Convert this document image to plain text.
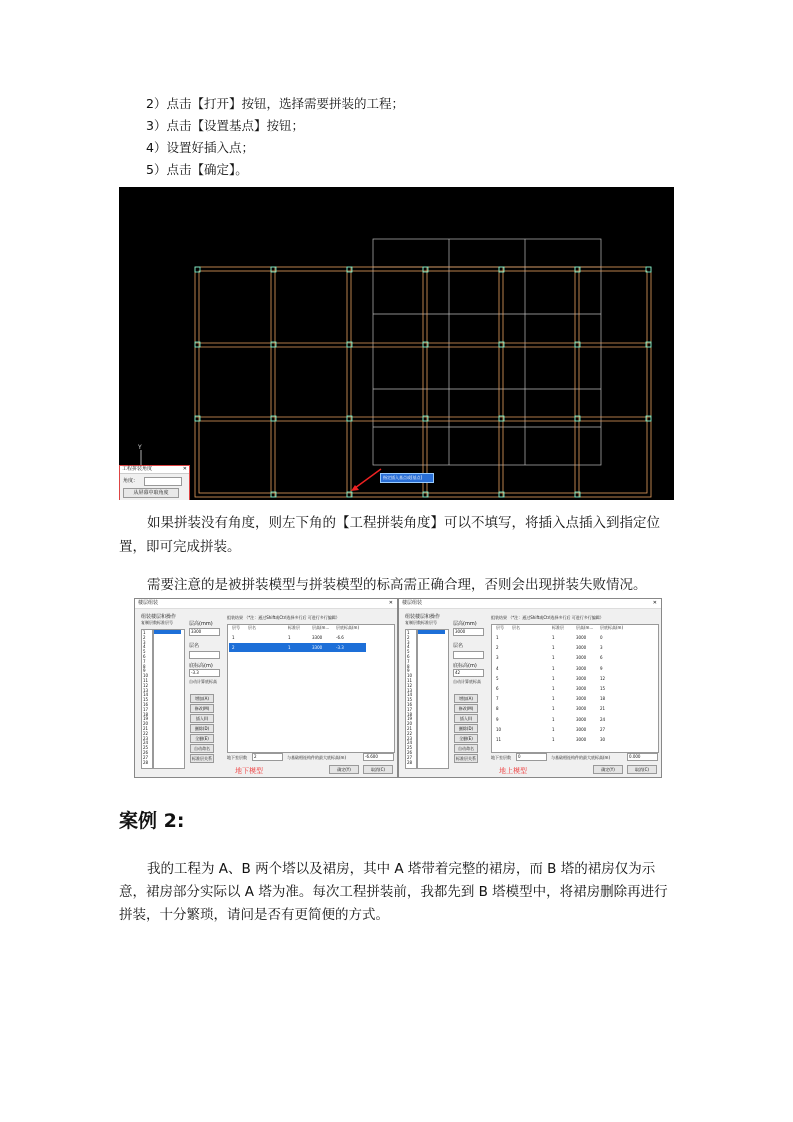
2）点击【打开】按钮，选择需要拼装的工程；
3）点击【设置基点】按钮；
4）设置好插入点；
5）点击【确定】。
Y
指定插入基点或[基点]
工程拼装角度	✕
角度：
从屏幕中取角度
如果拼装没有角度，则左下角的【工程拼装角度】可以不填写，将插入点插入到指定位置，即可完成拼装。
需要注意的是被拼装模型与拼装模型的标高需正确合理，否则会出现拼装失败情况。
楼层组装	✕
组装楼层和操作
复制层数 标准层号
1
2
3
4
5
6
7
8
9
10
11
12
13
14
15
16
17
18
19
20
21
22
23
24
25
26
27
28
层高(mm)
3300
层名
底标高(m)
-3.3
自动计算底标高
增加(A)
修改(M)
插入(I)
删除(D)
全删(E)
自动命名
标准层关系
组装结果 （*注：通过Shift或Ctrl选择多行后 可进行多行编辑）
层号 层名	标准层	层高(m... 层底标高(m)
1	1	3300	-6.6
2	1	3300	-3.3
地下室层数	2	与基础相连构件的最大底标高(m)	-6.600
地下模型	确定(Y)	取消(C)
楼层组装	✕
组装楼层和操作
复制层数 标准层号
1
2
3
4
5
6
7
8
9
10
11
12
13
14
15
16
17
18
19
20
21
22
23
24
25
26
27
28
层高(mm)
3000
层名
底标高(m)
42
自动计算底标高
增加(A)
修改(M)
插入(I)
删除(D)
全删(E)
自动命名
标准层关系
组装结果 （*注：通过Shift或Ctrl选择多行后 可进行多行编辑）
层号 层名	标准层	层高(m... 层底标高(m)
1	1	3000	0
2	1	3000	3
3	1	3000	6
4	1	3000	9
5	1	3000	12
6	1	3000	15
7	1	3000	18
8	1	3000	21
9	1	3000	24
10	1	3000	27
11	1	3000	30
地下室层数	0	与基础相连构件的最大底标高(m)	0.000
地上模型	确定(Y)	取消(C)
案例 2:
我的工程为 A、B 两个塔以及裙房，其中 A 塔带着完整的裙房，而 B 塔的裙房仅为示意，裙房部分实际以 A 塔为准。每次工程拼装前，我都先到 B 塔模型中，将裙房删除再进行拼装，十分繁琐，请问是否有更简便的方式。
